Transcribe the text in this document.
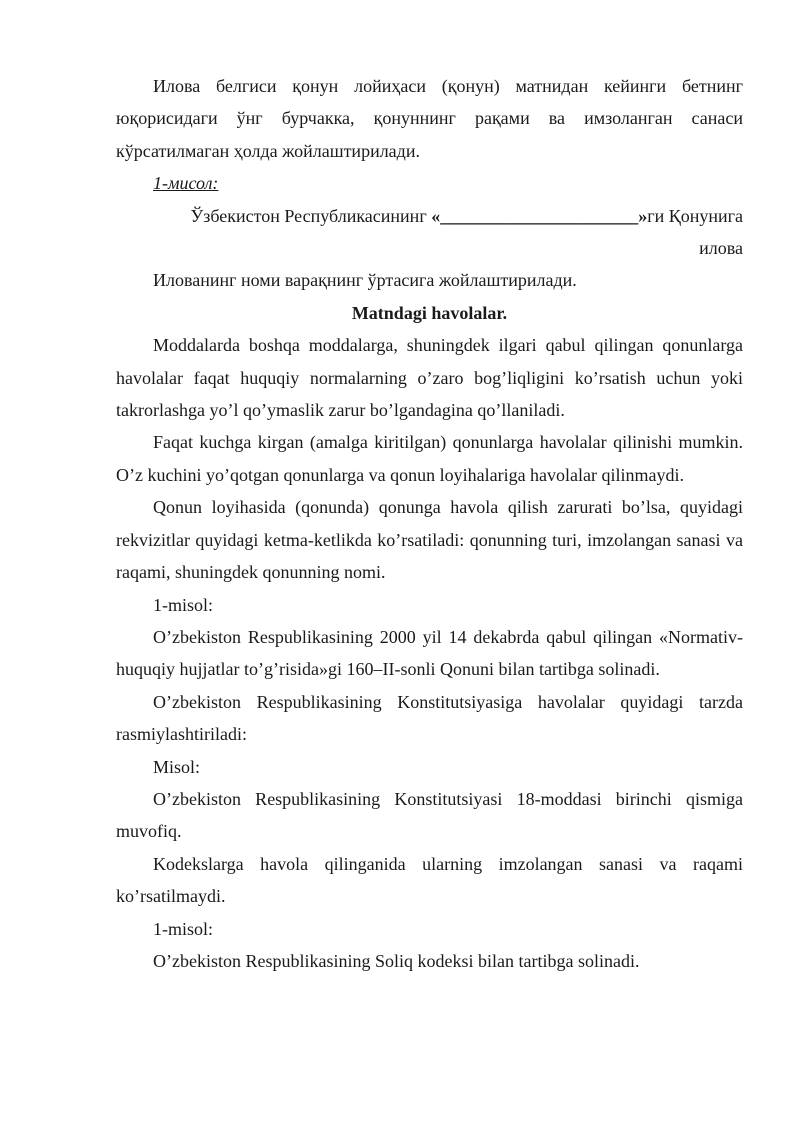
Илова белгиси қонун лойиҳаси (қонун) матнидан кейинги бетнинг юқорисидаги ўнг бурчакка, қонуннинг рақами ва имзоланган санаси кўрсатилмаган ҳолда жойлаштирилади.

1-мисол:

Ўзбекистон Республикасининг «______________________»ги Қонунига

илова

Илованинг номи варақнинг ўртасига жойлаштирилади.

Matndagi havolalar.

Moddalarda boshqa moddalarga, shuningdek ilgari qabul qilingan qonunlarga havolalar faqat huquqiy normalarning o’zaro bog’liqligini ko’rsatish uchun yoki takrorlashga yo’l qo’ymaslik zarur bo’lgandagina qo’llaniladi.

Faqat kuchga kirgan (amalga kiritilgan) qonunlarga havolalar qilinishi mumkin. O’z kuchini yo’qotgan qonunlarga va qonun loyihalariga havolalar qilinmaydi.

Qonun loyihasida (qonunda) qonunga havola qilish zarurati bo’lsa, quyidagi rekvizitlar quyidagi ketma-ketlikda ko’rsatiladi: qonunning turi, imzolangan sanasi va raqami, shuningdek qonunning nomi.

1-misol:

O’zbekiston Respublikasining 2000 yil 14 dekabrda qabul qilingan «Normativ-huquqiy hujjatlar to’g’risida»gi 160–II-sonli Qonuni bilan tartibga solinadi.

O’zbekiston Respublikasining Konstitutsiyasiga havolalar quyidagi tarzda rasmiylashtiriladi:

Misol:

O’zbekiston Respublikasining Konstitutsiyasi 18-moddasi birinchi qismiga muvofiq.

Kodekslarga havola qilinganida ularning imzolangan sanasi va raqami ko’rsatilmaydi.

1-misol:

O’zbekiston Respublikasining Soliq kodeksi bilan tartibga solinadi.
